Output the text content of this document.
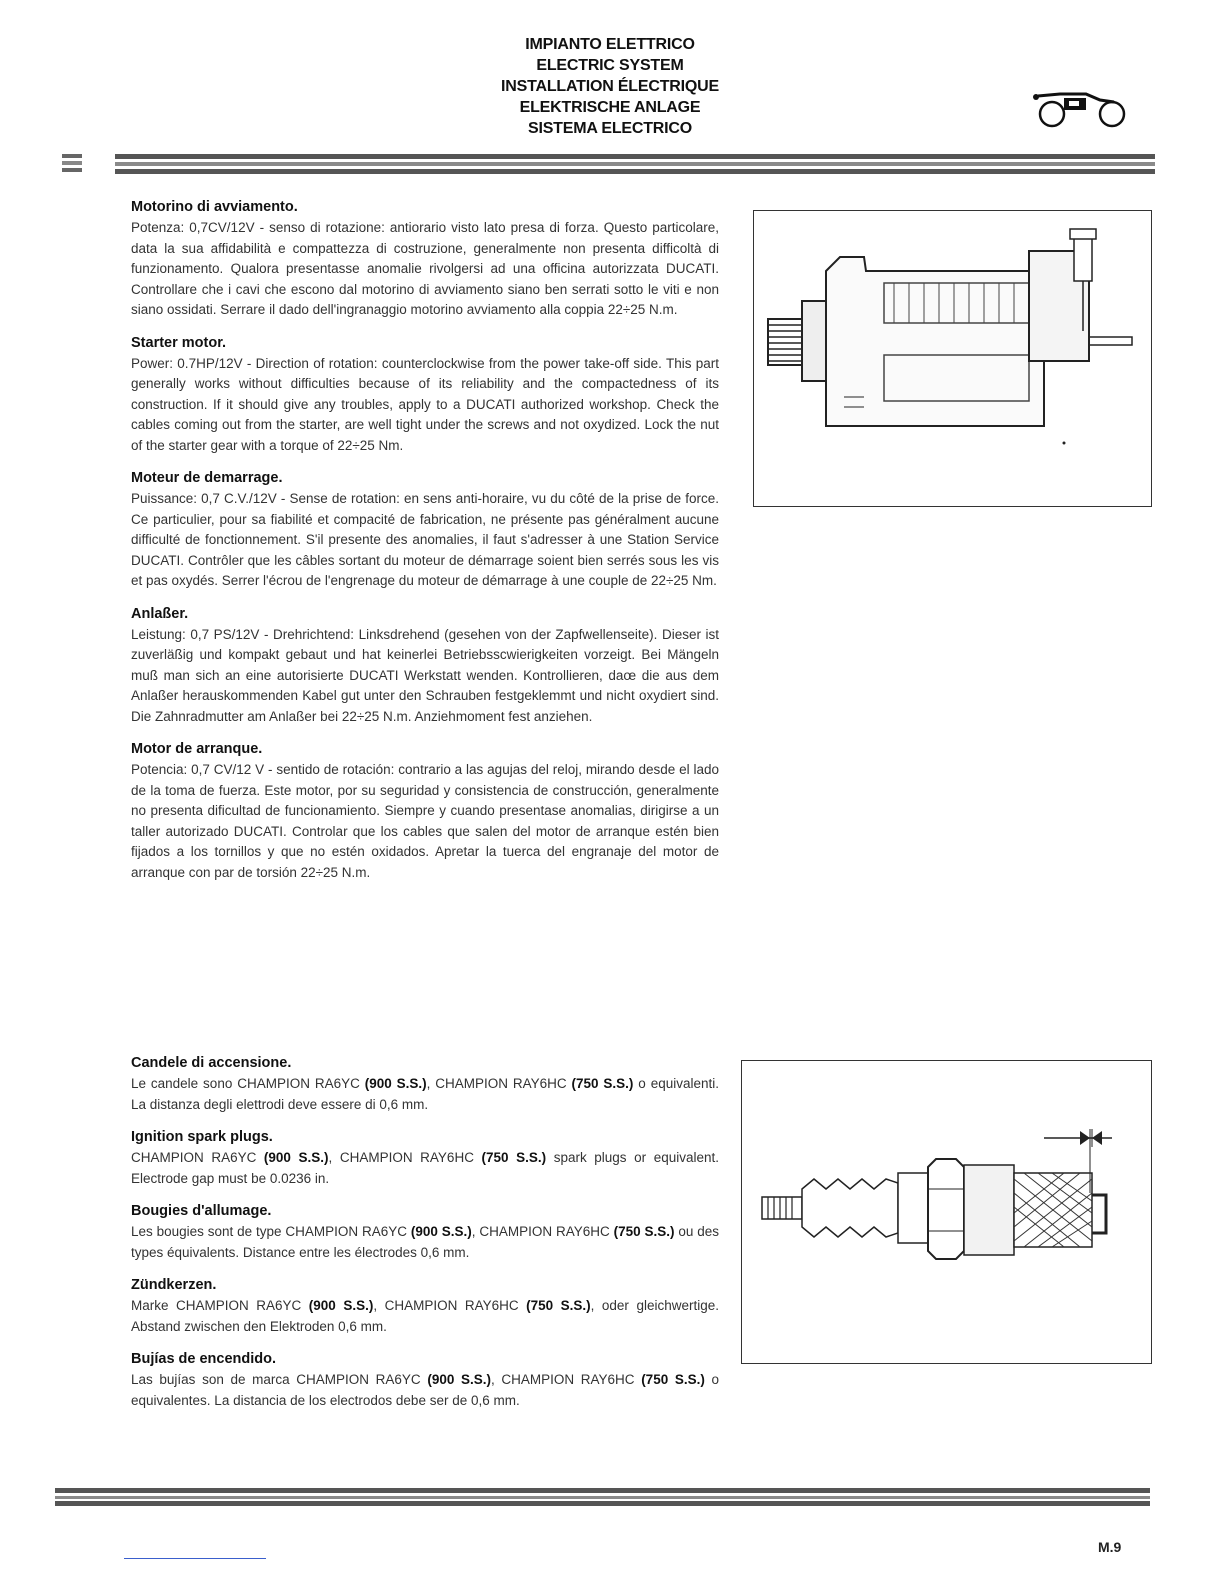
IMPIANTO ELETTRICO
ELECTRIC SYSTEM
INSTALLATION ÉLECTRIQUE
ELEKTRISCHE ANLAGE
SISTEMA ELECTRICO
Motorino di avviamento.

Potenza: 0,7CV/12V - senso di rotazione: antiorario visto lato presa di forza. Questo particolare, data la sua affidabilità e compattezza di costruzione, generalmente non presenta difficoltà di funzionamento. Qualora presentasse anomalie rivolgersi ad una officina autorizzata DUCATI. Controllare che i cavi che escono dal motorino di avviamento siano ben serrati sotto le viti e non siano ossidati. Serrare il dado dell'ingranaggio motorino avviamento alla coppia 22÷25 N.m.

Starter motor.

Power: 0.7HP/12V - Direction of rotation: counterclockwise from the power take-off side. This part generally works without difficulties because of its reliability and the compactedness of its construction. If it should give any troubles, apply to a DUCATI authorized workshop. Check the cables coming out from the starter, are well tight under the screws and not oxydized. Lock the nut of the starter gear with a torque of 22÷25 Nm.

Moteur de demarrage.

Puissance: 0,7 C.V./12V - Sense de rotation: en sens anti-horaire, vu du côté de la prise de force. Ce particulier, pour sa fiabilité et compacité de fabrication, ne présente pas généralment aucune difficulté de fonctionnement. S'il presente des anomalies, il faut s'adresser à une Station Service DUCATI. Contrôler que les câbles sortant du moteur de démarrage soient bien serrés sous les vis et pas oxydés. Serrer l'écrou de l'engrenage du moteur de démarrage à une couple de 22÷25 Nm.

Anlaßer.

Leistung: 0,7 PS/12V - Drehrichtend: Linksdrehend (gesehen von der Zapfwellenseite). Dieser ist zuverläßig und kompakt gebaut und hat keinerlei Betriebsscwierigkeiten vorzeigt. Bei Mängeln muß man sich an eine autorisierte DUCATI Werkstatt wenden. Kontrollieren, daœ die aus dem Anlaßer herauskommenden Kabel gut unter den Schrauben festgeklemmt und nicht oxydiert sind. Die Zahnradmutter am Anlaßer bei 22÷25 N.m. Anziehmoment fest anziehen.

Motor de arranque.

Potencia: 0,7 CV/12 V - sentido de rotación: contrario a las agujas del reloj, mirando desde el lado de la toma de fuerza. Este motor, por su seguridad y consistencia de construcción, generalmente no presenta dificultad de funcionamiento. Siempre y cuando presentase anomalias, dirigirse a un taller autorizado DUCATI. Controlar que los cables que salen del motor de arranque estén bien fijados a los tornillos y que no estén oxidados. Apretar la tuerca del engranaje del motor de arranque con par de torsión 22÷25 N.m.

Candele di accensione.

Le candele sono CHAMPION RA6YC (900 S.S.), CHAMPION RAY6HC (750 S.S.) o equivalenti. La distanza degli elettrodi deve essere di 0,6 mm.

Ignition spark plugs.

CHAMPION RA6YC (900 S.S.), CHAMPION RAY6HC (750 S.S.) spark plugs or equivalent. Electrode gap must be 0.0236 in.

Bougies d'allumage.

Les bougies sont de type CHAMPION RA6YC (900 S.S.), CHAMPION RAY6HC (750 S.S.) ou des types équivalents. Distance entre les électrodes 0,6 mm.

Zündkerzen.

Marke CHAMPION RA6YC (900 S.S.), CHAMPION RAY6HC (750 S.S.), oder gleichwertige. Abstand zwischen den Elektroden 0,6 mm.

Bujías de encendido.

Las bujías son de marca CHAMPION RA6YC (900 S.S.), CHAMPION RAY6HC (750 S.S.) o equivalentes. La distancia de los electrodos debe ser de 0,6 mm.

M.9
